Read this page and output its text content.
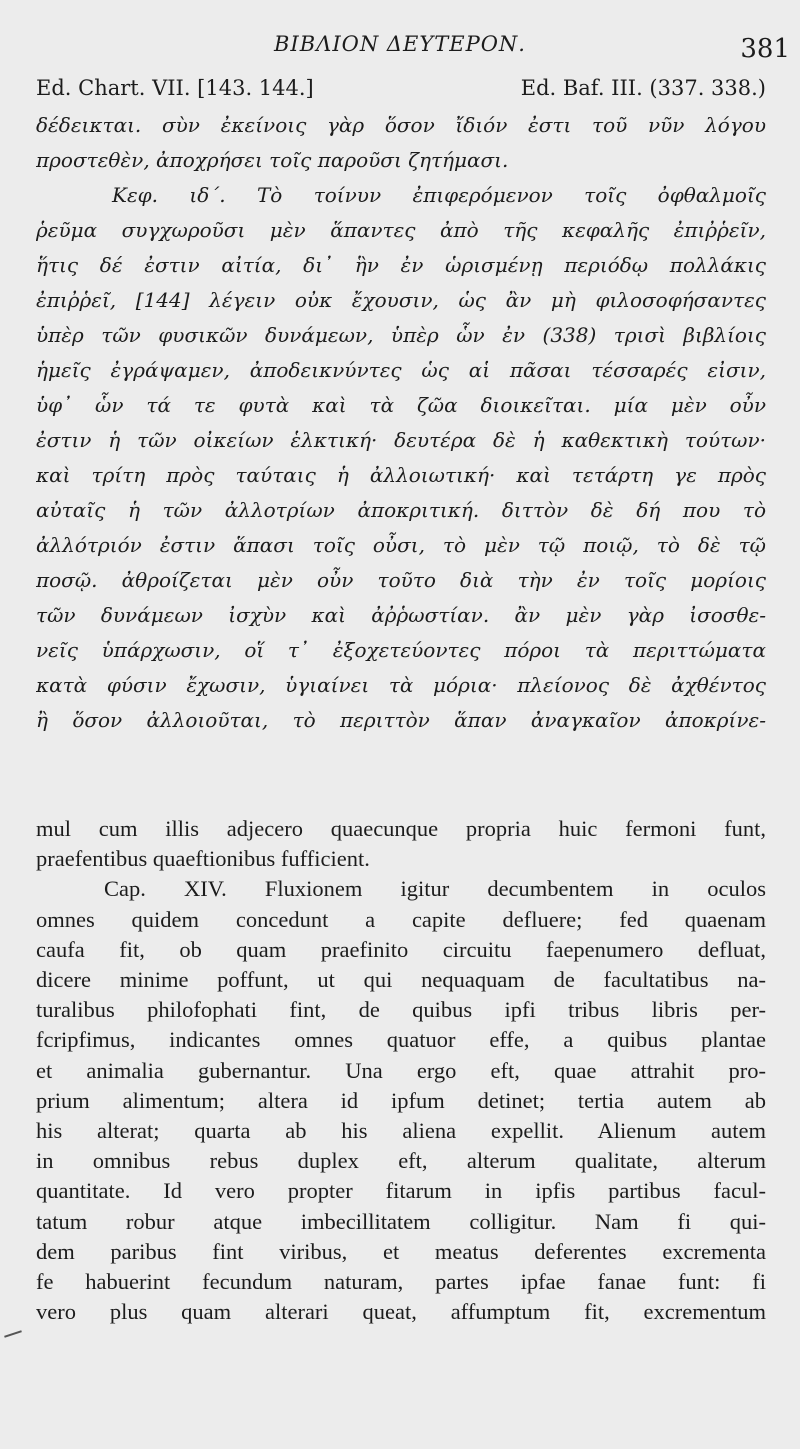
ΒΙΒΛΙΟΝ ΔΕΥΤΕΡΟΝ.	381
Ed. Chart. VII. [143. 144.]	Ed. Baf. III. (337. 338.)
δέδεικται. σὺν ἐκείνοις γὰρ ὅσον ἴδιόν ἐστι τοῦ νῦν λόγου
προστεθὲν, ἀποχρήσει τοῖς παροῦσι ζητήμασι.
Κεφ. ιδ΄. Τὸ τοίνυν ἐπιφερόμενον τοῖς ὀφθαλμοῖς
ῥεῦμα συγχωροῦσι μὲν ἅπαντες ἀπὸ τῆς κεφαλῆς ἐπιῤῥεῖν,
ἥτις δέ ἐστιν αἰτία, δι᾽ ἣν ἐν ὡρισμένῃ περιόδῳ πολλάκις
ἐπιῤῥεῖ, [144] λέγειν οὐκ ἔχουσιν, ὡς ἂν μὴ φιλοσοφήσαντες
ὑπὲρ τῶν φυσικῶν δυνάμεων, ὑπὲρ ὧν ἐν (338) τρισὶ βιβλίοις
ἡμεῖς ἐγράψαμεν, ἀποδεικνύντες ὡς αἱ πᾶσαι τέσσαρές εἰσιν,
ὑφ᾽ ὧν τά τε φυτὰ καὶ τὰ ζῶα διοικεῖται. μία μὲν οὖν
ἐστιν ἡ τῶν οἰκείων ἑλκτική· δευτέρα δὲ ἡ καθεκτικὴ τούτων·
καὶ τρίτη πρὸς ταύταις ἡ ἀλλοιωτική· καὶ τετάρτη γε πρὸς
αὐταῖς ἡ τῶν ἀλλοτρίων ἀποκριτική. διττὸν δὲ δή που τὸ
ἀλλότριόν ἐστιν ἅπασι τοῖς οὖσι, τὸ μὲν τῷ ποιῷ, τὸ δὲ τῷ
ποσῷ. ἀθροίζεται μὲν οὖν τοῦτο διὰ τὴν ἐν τοῖς μορίοις
τῶν δυνάμεων ἰσχὺν καὶ ἀῤῥωστίαν. ἂν μὲν γὰρ ἰσοσθε-
νεῖς ὑπάρχωσιν, οἵ τ᾽ ἐξοχετεύοντες πόροι τὰ περιττώματα
κατὰ φύσιν ἔχωσιν, ὑγιαίνει τὰ μόρια· πλείονος δὲ ἀχθέντος
ἢ ὅσον ἀλλοιοῦται, τὸ περιττὸν ἅπαν ἀναγκαῖον ἀποκρίνε-
mul cum illis adjecero quaecunque propria huic fermoni funt,
praefentibus quaeftionibus fufficient.
Cap. XIV. Fluxionem igitur decumbentem in oculos
omnes quidem concedunt a capite defluere; fed quaenam
caufa fit, ob quam praefinito circuitu faepenumero defluat,
dicere minime poffunt, ut qui nequaquam de facultatibus na-
turalibus philofophati fint, de quibus ipfi tribus libris per-
fcripfimus, indicantes omnes quatuor effe, a quibus plantae
et animalia gubernantur. Una ergo eft, quae attrahit pro-
prium alimentum; altera id ipfum detinet; tertia autem ab
his alterat; quarta ab his aliena expellit. Alienum autem
in omnibus rebus duplex eft, alterum qualitate, alterum
quantitate. Id vero propter fitarum in ipfis partibus facul-
tatum robur atque imbecillitatem colligitur. Nam fi qui-
dem paribus fint viribus, et meatus deferentes excrementa
fe habuerint fecundum naturam, partes ipfae fanae funt: fi
vero plus quam alterari queat, affumptum fit, excrementum
